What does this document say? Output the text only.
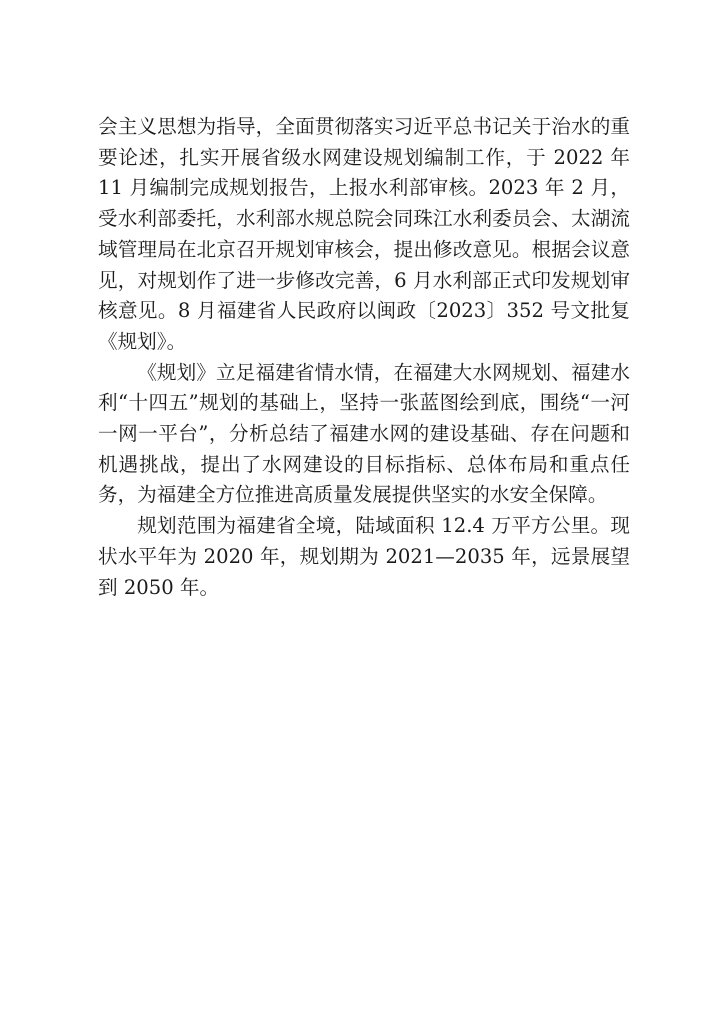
会主义思想为指导，全面贯彻落实习近平总书记关于治水的重要论述，扎实开展省级水网建设规划编制工作，于 2022 年 11 月编制完成规划报告，上报水利部审核。2023 年 2 月，受水利部委托，水利部水规总院会同珠江水利委员会、太湖流域管理局在北京召开规划审核会，提出修改意见。根据会议意见，对规划作了进一步修改完善，6 月水利部正式印发规划审核意见。8 月福建省人民政府以闽政〔2023〕352 号文批复《规划》。

《规划》立足福建省情水情，在福建大水网规划、福建水利“十四五”规划的基础上，坚持一张蓝图绘到底，围绕“一河一网一平台”，分析总结了福建水网的建设基础、存在问题和机遇挑战，提出了水网建设的目标指标、总体布局和重点任务，为福建全方位推进高质量发展提供坚实的水安全保障。

规划范围为福建省全境，陆域面积 12.4 万平方公里。现状水平年为 2020 年，规划期为 2021—2035 年，远景展望到 2050 年。
